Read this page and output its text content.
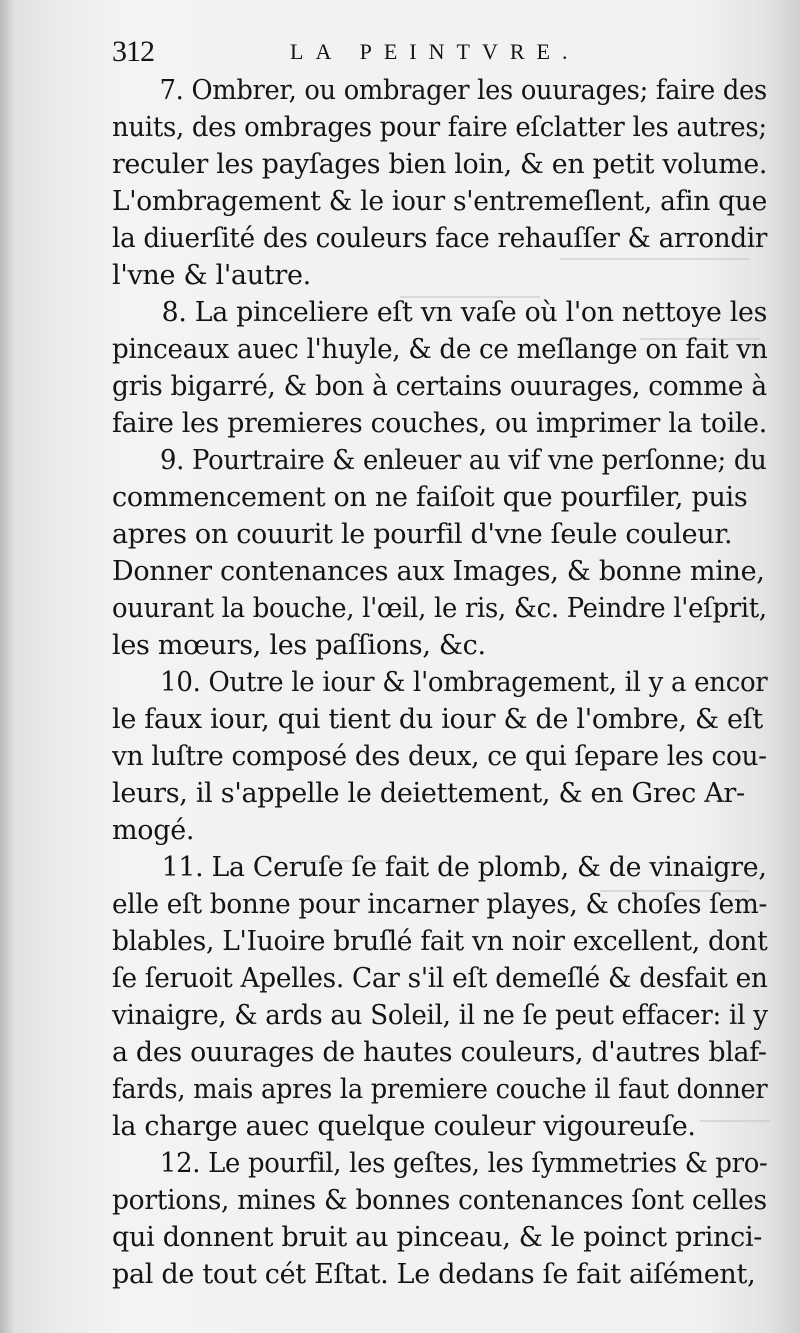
312	LA PEINTVRE.
7. Ombrer, ou ombrager les ouurages; faire des
nuits, des ombrages pour faire eſclatter les autres;
reculer les payſages bien loin, & en petit volume.
L'ombragement & le iour s'entremeſlent, afin que
la diuerſité des couleurs face rehauſſer & arrondir
l'vne & l'autre.
8. La pinceliere eſt vn vaſe où l'on nettoye les
pinceaux auec l'huyle, & de ce meſlange on fait vn
gris bigarré, & bon à certains ouurages, comme à
faire les premieres couches, ou imprimer la toile.
9. Pourtraire & enleuer au vif vne perſonne; du
commencement on ne faiſoit que pourfiler, puis
apres on couurit le pourfil d'vne ſeule couleur.
Donner contenances aux Images, & bonne mine,
ouurant la bouche, l'œil, le ris, &c. Peindre l'eſprit,
les mœurs, les paſſions, &c.
10. Outre le iour & l'ombragement, il y a encor
le faux iour, qui tient du iour & de l'ombre, & eſt
vn luſtre composé des deux, ce qui ſepare les cou-
leurs, il s'appelle le deiettement, & en Grec Ar-
mogé.
11. La Ceruſe ſe fait de plomb, & de vinaigre,
elle eſt bonne pour incarner playes, & choſes ſem-
blables, L'Iuoire bruſlé fait vn noir excellent, dont
ſe ſeruoit Apelles. Car s'il eſt demeſlé & desfait en
vinaigre, & ards au Soleil, il ne ſe peut effacer: il y
a des ouurages de hautes couleurs, d'autres blaf-
fards, mais apres la premiere couche il faut donner
la charge auec quelque couleur vigoureuſe.
12. Le pourfil, les geſtes, les ſymmetries & pro-
portions, mines & bonnes contenances ſont celles
qui donnent bruit au pinceau, & le poinct princi-
pal de tout cét Eſtat. Le dedans ſe fait aiſément,
